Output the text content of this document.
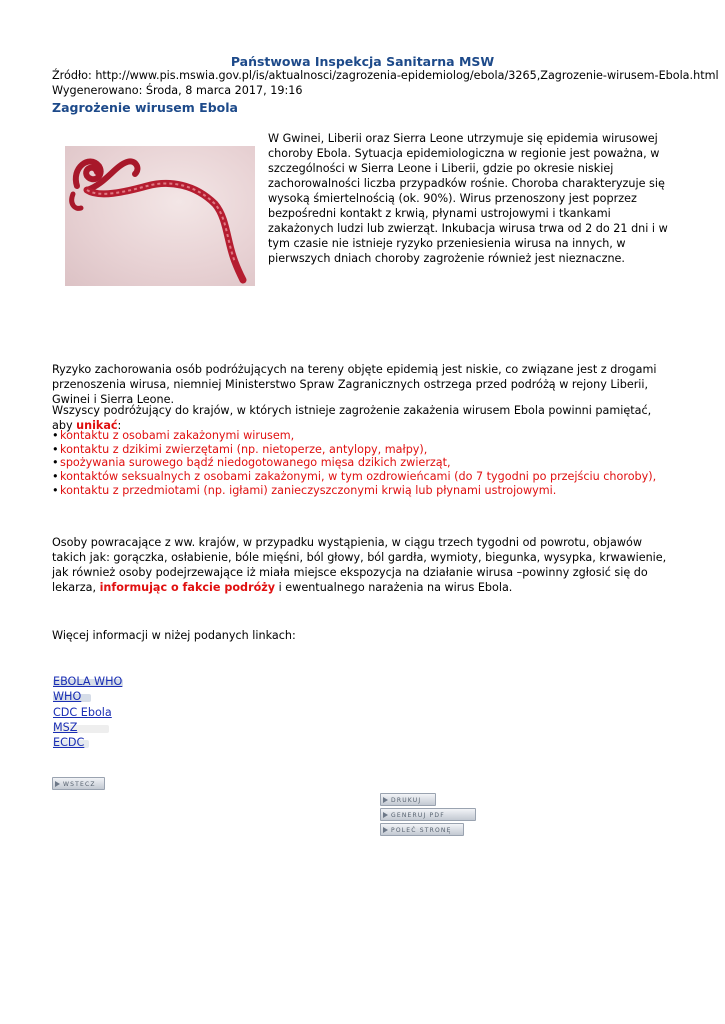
Państwowa Inspekcja Sanitarna MSW
Źródło: http://www.pis.mswia.gov.pl/is/aktualnosci/zagrozenia-epidemiolog/ebola/3265,Zagrozenie-wirusem-Ebola.html
Wygenerowano: Środa, 8 marca 2017, 19:16
Zagrożenie wirusem Ebola
W Gwinei, Liberii oraz Sierra Leone utrzymuje się epidemia wirusowej choroby Ebola. Sytuacja epidemiologiczna w regionie jest poważna, w szczególności w Sierra Leone i Liberii, gdzie po okresie niskiej zachorowalności liczba przypadków rośnie. Choroba charakteryzuje się wysoką śmiertelnością (ok. 90%). Wirus przenoszony jest poprzez bezpośredni kontakt z krwią, płynami ustrojowymi i tkankami zakażonych ludzi lub zwierząt. Inkubacja wirusa trwa od 2 do 21 dni i w tym czasie nie istnieje ryzyko przeniesienia wirusa na innych, w pierwszych dniach choroby zagrożenie również jest nieznaczne.
Ryzyko zachorowania osób podróżujących na tereny objęte epidemią jest niskie, co związane jest z drogami przenoszenia wirusa, niemniej Ministerstwo Spraw Zagranicznych ostrzega przed podróżą w rejony Liberii, Gwinei i Sierra Leone.
Wszyscy podróżujący do krajów, w których istnieje zagrożenie zakażenia wirusem Ebola powinni pamiętać, aby unikać:
• kontaktu z osobami zakażonymi wirusem,
• kontaktu z dzikimi zwierzętami (np. nietoperze, antylopy, małpy),
• spożywania surowego bądź niedogotowanego mięsa dzikich zwierząt,
• kontaktów seksualnych z osobami zakażonymi, w tym ozdrowieńcami (do 7 tygodni po przejściu choroby),
• kontaktu z przedmiotami (np. igłami) zanieczyszczonymi krwią lub płynami ustrojowymi.
Osoby powracające z ww. krajów, w przypadku wystąpienia, w ciągu trzech tygodni od powrotu, objawów takich jak: gorączka, osłabienie, bóle mięśni, ból głowy, ból gardła, wymioty, biegunka, wysypka, krwawienie, jak również osoby podejrzewające iż miała miejsce ekspozycja na działanie wirusa –powinny zgłosić się do lekarza, informując o fakcie podróży i ewentualnego narażenia na wirus Ebola.
Więcej informacji w niżej podanych linkach:
EBOLA WHO
WHO
CDC Ebola
MSZ
ECDC
WSTECZ
DRUKUJ
GENERUJ PDF
POLEĆ STRONĘ
